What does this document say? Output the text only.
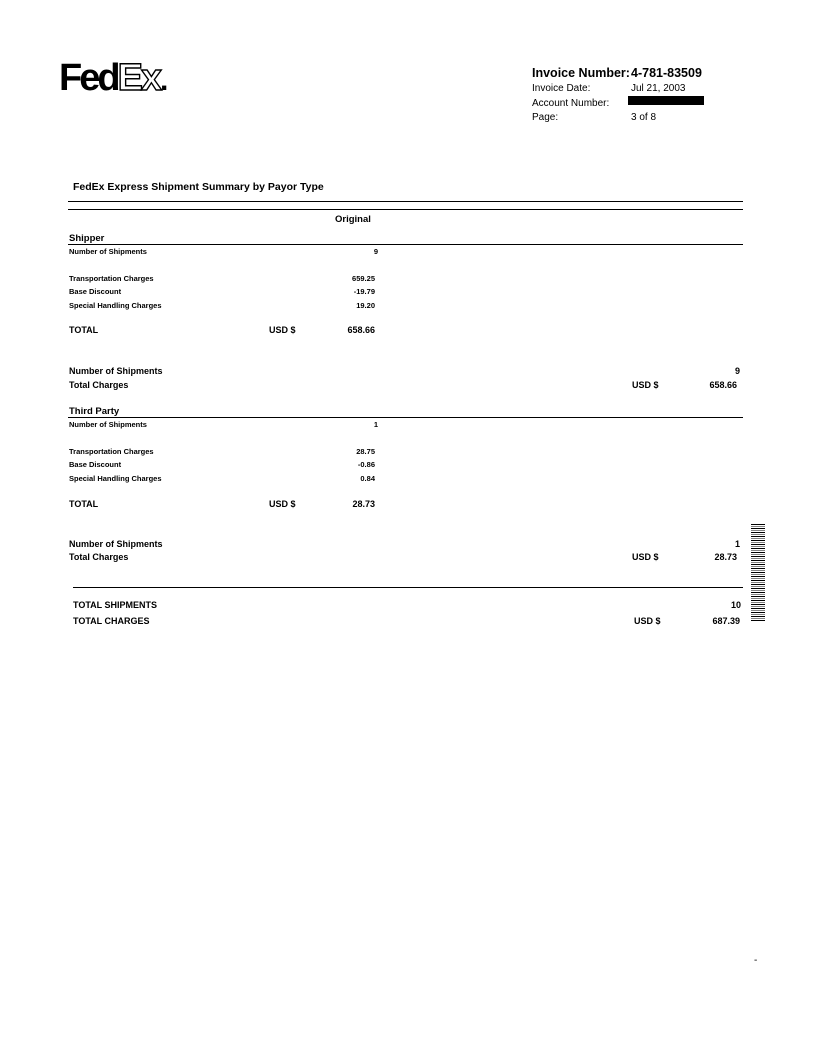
FedEx.	Invoice Number: 4-781-83509
Invoice Date:	Jul 21, 2003
Account Number:
Page:	3 of 8
FedEx Express Shipment Summary by Payor Type
Original
Shipper
Number of Shipments	9
Transportation Charges	659.25
Base Discount	-19.79
Special Handling Charges	19.20
TOTAL	USD $	658.66
Number of Shipments	9
Total Charges	USD $	658.66
Third Party
Number of Shipments	1
Transportation Charges	28.75
Base Discount	-0.86
Special Handling Charges	0.84
TOTAL	USD $	28.73
Number of Shipments	1
Total Charges	USD $	28.73
TOTAL SHIPMENTS	10
TOTAL CHARGES	USD $	687.39
-
